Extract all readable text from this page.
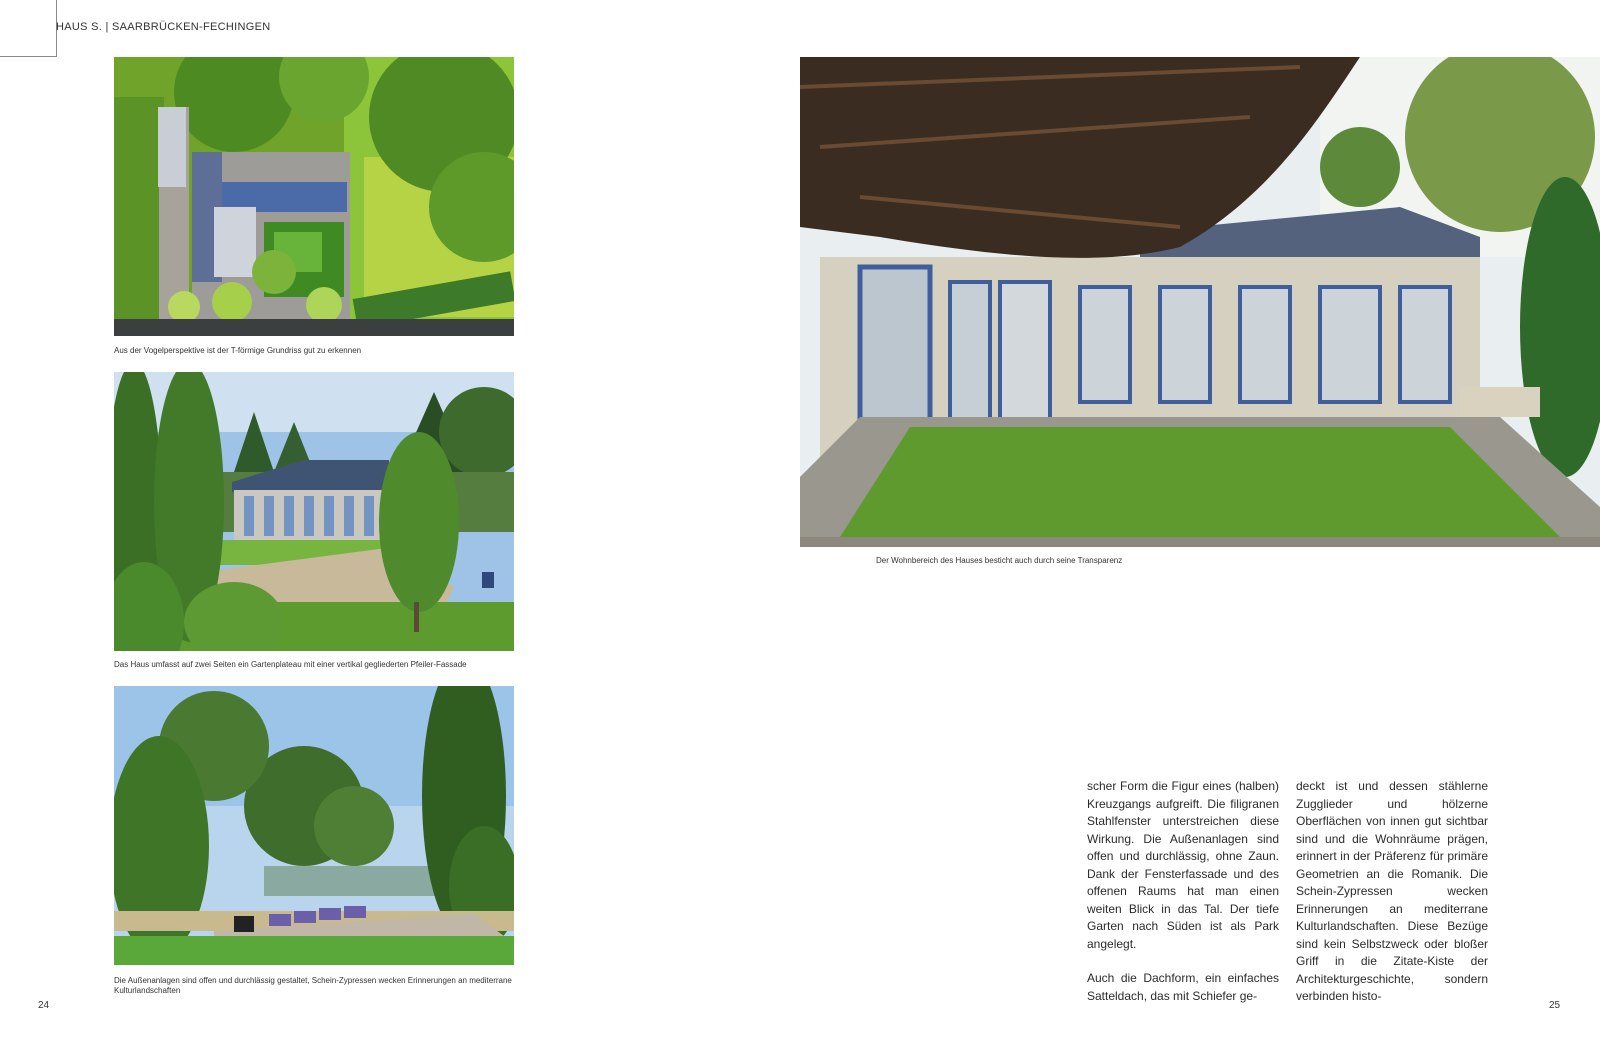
HAUS S. | SAARBRÜCKEN-FECHINGEN
Aus der Vogelperspektive ist der T-förmige Grundriss gut zu erkennen
Das Haus umfasst auf zwei Seiten ein Gartenplateau mit einer vertikal gegliederten Pfeiler-Fassade
Die Außenanlagen sind offen und durchlässig gestaltet, Schein-Zypressen wecken Erinnerungen an mediterrane Kulturlandschaften
24
Der Wohnbereich des Hauses besticht auch durch seine Transparenz

scher Form die Figur eines (halben) Kreuzgangs aufgreift. Die filigranen Stahlfenster unterstreichen diese Wirkung. Die Außenanlagen sind offen und durchlässig, ohne Zaun. Dank der Fensterfassade und des offenen Raums hat man einen weiten Blick in das Tal. Der tiefe Garten nach Süden ist als Park angelegt.

Auch die Dachform, ein einfaches Satteldach, das mit Schiefer ge-

deckt ist und dessen stählerne Zugglieder und hölzerne Oberflächen von innen gut sichtbar sind und die Wohnräume prägen, erinnert in der Präferenz für primäre Geometrien an die Romanik. Die Schein-Zypressen wecken Erinnerungen an mediterrane Kulturlandschaften. Diese Bezüge sind kein Selbstzweck oder bloßer Griff in die Zitate-Kiste der Architekturgeschichte, sondern verbinden histo-

25
